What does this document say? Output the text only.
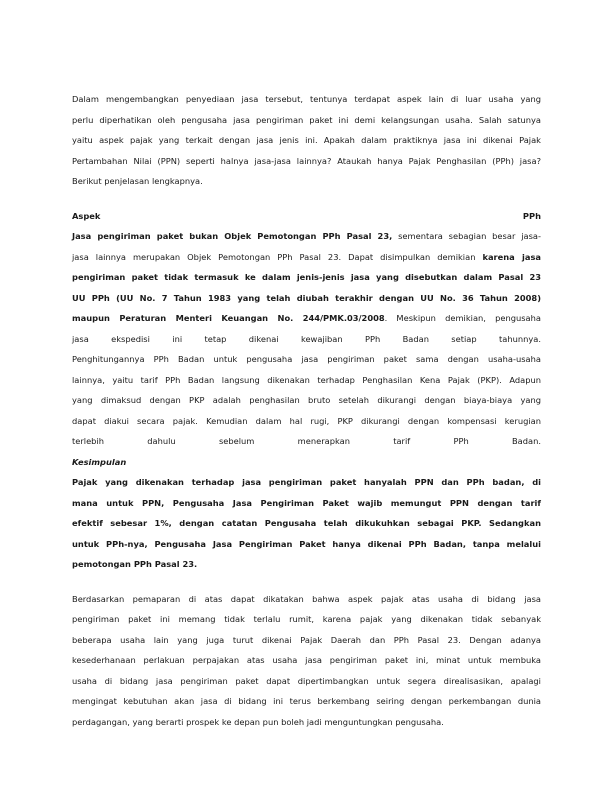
Dalam mengembangkan penyediaan jasa tersebut, tentunya terdapat aspek lain di luar usaha yang

perlu diperhatikan oleh pengusaha jasa pengiriman paket ini demi kelangsungan usaha. Salah satunya

yaitu aspek pajak yang terkait dengan jasa jenis ini. Apakah dalam praktiknya jasa ini dikenai Pajak

Pertambahan Nilai (PPN) seperti halnya jasa-jasa lainnya? Ataukah hanya Pajak Penghasilan (PPh) jasa?

Berikut penjelasan lengkapnya.

Aspek	PPh

Jasa pengiriman paket bukan Objek Pemotongan PPh Pasal 23, sementara sebagian besar jasa-

jasa lainnya merupakan Objek Pemotongan PPh Pasal 23. Dapat disimpulkan demikian karena jasa

pengiriman paket tidak termasuk ke dalam jenis-jenis jasa yang disebutkan dalam Pasal 23

UU PPh (UU No. 7 Tahun 1983 yang telah diubah terakhir dengan UU No. 36 Tahun 2008)

maupun Peraturan Menteri Keuangan No. 244/PMK.03/2008. Meskipun demikian, pengusaha

jasa ekspedisi ini tetap dikenai kewajiban PPh Badan setiap tahunnya.

Penghitungannya PPh Badan untuk pengusaha jasa pengiriman paket sama dengan usaha-usaha

lainnya, yaitu tarif PPh Badan langsung dikenakan terhadap Penghasilan Kena Pajak (PKP). Adapun

yang dimaksud dengan PKP adalah penghasilan bruto setelah dikurangi dengan biaya-biaya yang

dapat diakui secara pajak. Kemudian dalam hal rugi, PKP dikurangi dengan kompensasi kerugian

terlebih dahulu sebelum menerapkan tarif PPh Badan.

Kesimpulan

Pajak yang dikenakan terhadap jasa pengiriman paket hanyalah PPN dan PPh badan, di

mana untuk PPN, Pengusaha Jasa Pengiriman Paket wajib memungut PPN dengan tarif

efektif sebesar 1%, dengan catatan Pengusaha telah dikukuhkan sebagai PKP. Sedangkan

untuk PPh-nya, Pengusaha Jasa Pengiriman Paket hanya dikenai PPh Badan, tanpa melalui

pemotongan PPh Pasal 23.

Berdasarkan pemaparan di atas dapat dikatakan bahwa aspek pajak atas usaha di bidang jasa

pengiriman paket ini memang tidak terlalu rumit, karena pajak yang dikenakan tidak sebanyak

beberapa usaha lain yang juga turut dikenai Pajak Daerah dan PPh Pasal 23. Dengan adanya

kesederhanaan perlakuan perpajakan atas usaha jasa pengiriman paket ini, minat untuk membuka

usaha di bidang jasa pengiriman paket dapat dipertimbangkan untuk segera direalisasikan, apalagi

mengingat kebutuhan akan jasa di bidang ini terus berkembang seiring dengan perkembangan dunia

perdagangan, yang berarti prospek ke depan pun boleh jadi menguntungkan pengusaha.
